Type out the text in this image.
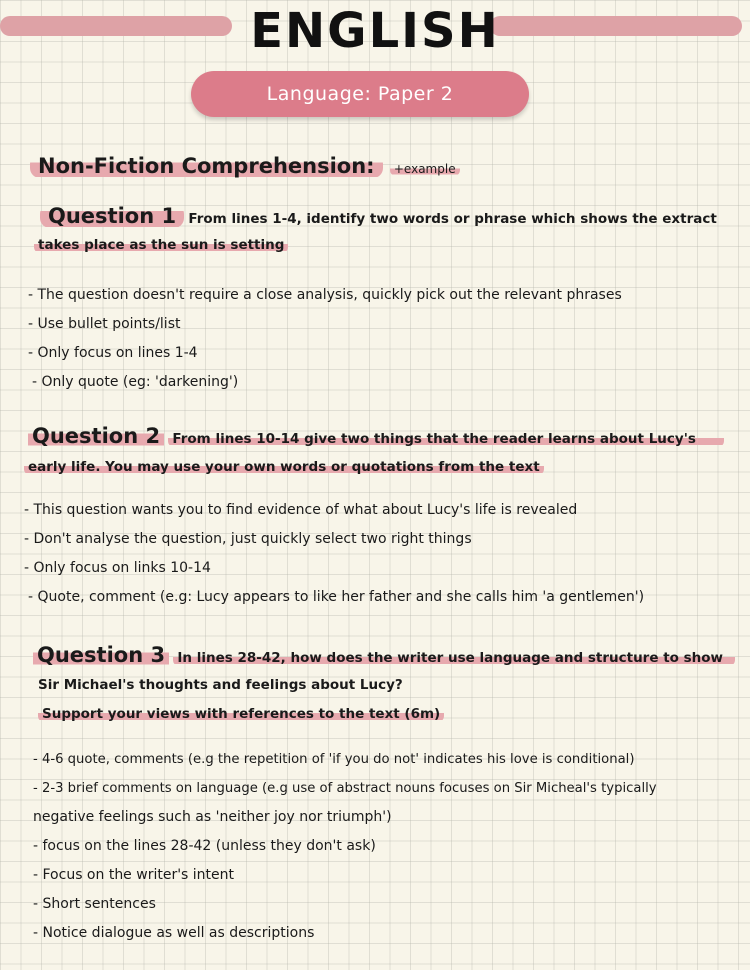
ENGLISH
Language: Paper 2
Non-Fiction Comprehension: +example
Question 1 From lines 1-4, identify two words or phrase which shows the extract
takes place as the sun is setting
- The question doesn't require a close analysis, quickly pick out the relevant phrases
- Use bullet points/list
- Only focus on lines 1-4
- Only quote (eg: 'darkening')
Question 2 From lines 10-14 give two things that the reader learns about Lucy's
early life. You may use your own words or quotations from the text
- This question wants you to find evidence of what about Lucy's life is revealed
- Don't analyse the question, just quickly select two right things
- Only focus on links 10-14
- Quote, comment (e.g: Lucy appears to like her father and she calls him 'a gentlemen')
Question 3 In lines 28-42, how does the writer use language and structure to show
Sir Michael's thoughts and feelings about Lucy?
Support your views with references to the text (6m)
- 4-6 quote, comments (e.g the repetition of 'if you do not' indicates his love is conditional)
- 2-3 brief comments on language (e.g use of abstract nouns focuses on Sir Micheal's typically
negative feelings such as 'neither joy nor triumph')
- focus on the lines 28-42 (unless they don't ask)
- Focus on the writer's intent
- Short sentences
- Notice dialogue as well as descriptions
